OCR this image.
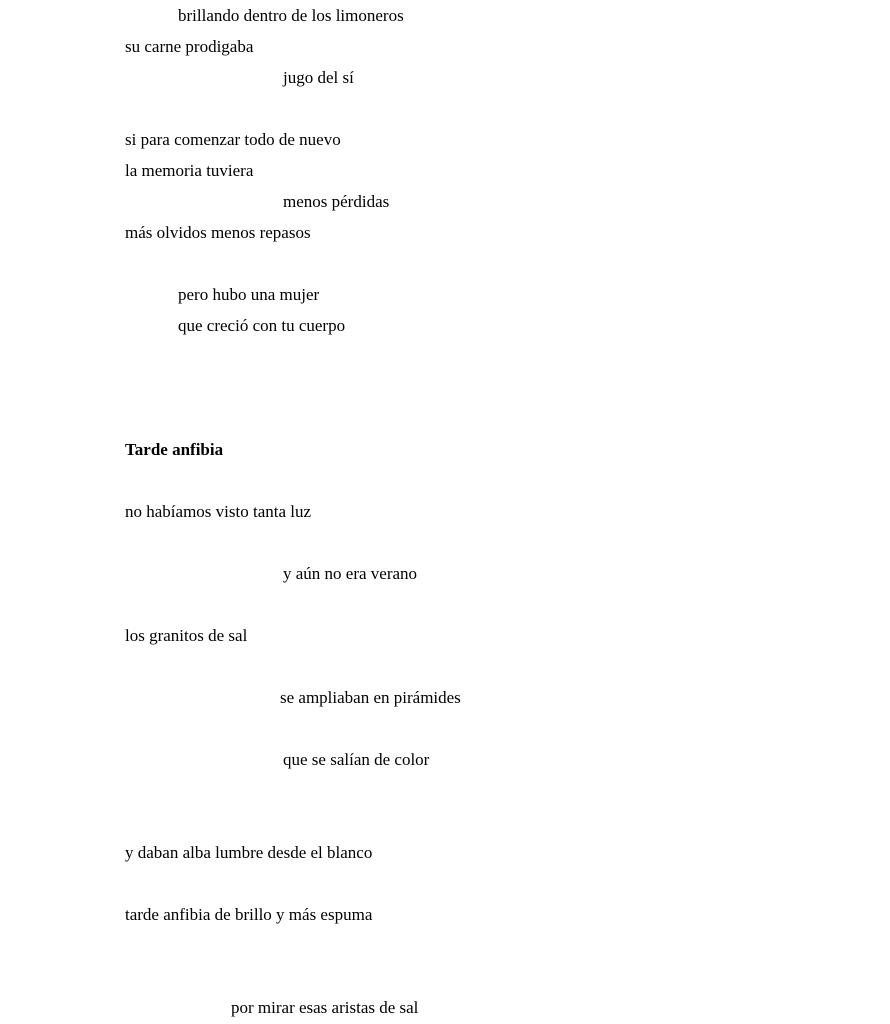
brillando dentro de los limoneros
su carne prodigaba
jugo del sí
si para comenzar todo de nuevo
la memoria tuviera
menos pérdidas
más olvidos menos repasos
pero hubo una mujer
que creció con tu cuerpo
Tarde anfibia
no habíamos visto tanta luz
y aún no era verano
los granitos de sal
se ampliaban en pirámides
que se salían de color
y daban alba lumbre desde el blanco
tarde anfibia de brillo y más espuma
por mirar esas aristas de sal
